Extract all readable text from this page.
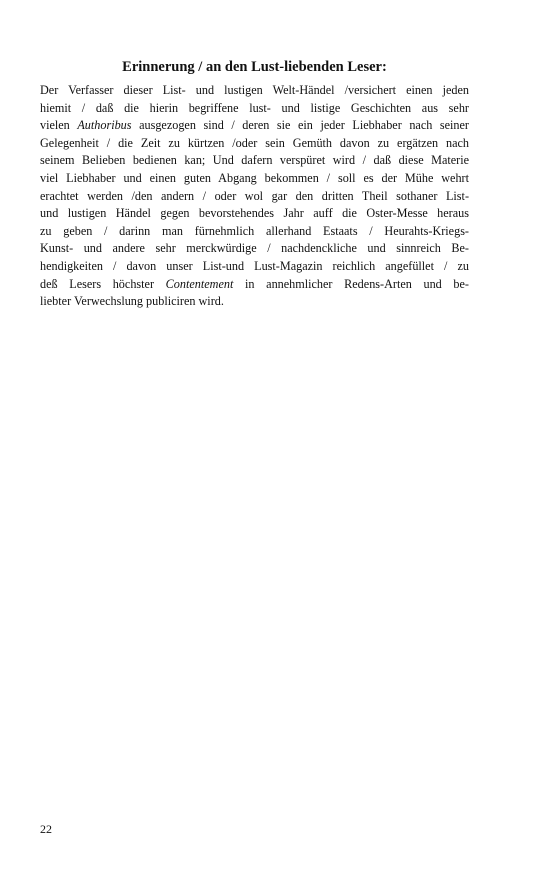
Erinnerung / an den Lust-liebenden Leser:
Der Verfasser dieser List- und lustigen Welt-Händel /versichert einen jeden
hiemit / daß die hierin begriffene lust- und listige Geschichten aus sehr
vielen Authoribus ausgezogen sind / deren sie ein jeder Liebhaber nach seiner
Gelegenheit / die Zeit zu kürtzen /oder sein Gemüth davon zu ergätzen nach
seinem Belieben bedienen kan; Und dafern verspüret wird / daß diese Materie
viel Liebhaber und einen guten Abgang bekommen / soll es der Mühe wehrt
erachtet werden /den andern / oder wol gar den dritten Theil sothaner List-
und lustigen Händel gegen bevorstehendes Jahr auff die Oster-Messe heraus
zu geben / darinn man fürnehmlich allerhand Estaats / Heurahts-Kriegs-
Kunst- und andere sehr merckwürdige / nachdenckliche und sinnreich Be-
hendigkeiten / davon unser List-und Lust-Magazin reichlich angefüllet / zu
deß Lesers höchster Contentement in annehmlicher Redens-Arten und be-
liebter Verwechslung publiciren wird.
22
